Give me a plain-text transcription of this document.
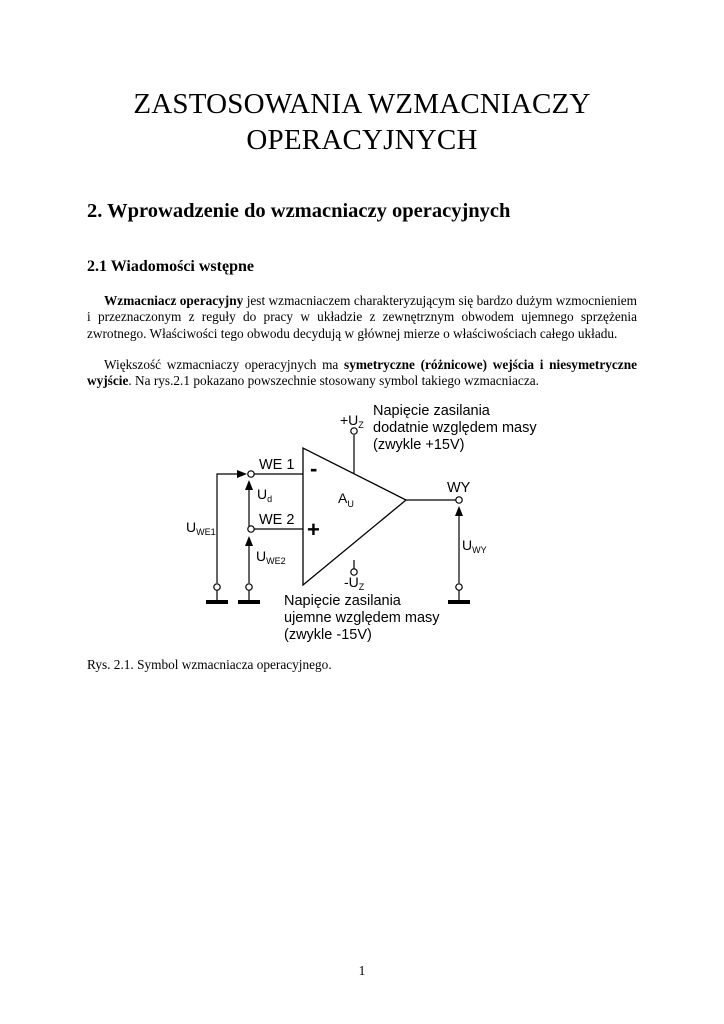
ZASTOSOWANIA WZMACNIACZY
OPERACYJNYCH
2. Wprowadzenie do wzmacniaczy operacyjnych
2.1 Wiadomości wstępne
Wzmacniacz operacyjny jest wzmacniaczem charakteryzującym się bardzo dużym wzmocnieniem i przeznaczonym z reguły do pracy w układzie z zewnętrznym obwodem ujemnego sprzężenia zwrotnego. Właściwości tego obwodu decydują w głównej mierze o właściwościach całego układu.
Większość wzmacniaczy operacyjnych ma symetryczne (różnicowe) wejścia i niesymetryczne wyjście. Na rys.2.1 pokazano powszechnie stosowany symbol takiego wzmacniacza.
$+U_Z$
Napięcie zasilania dodatnie względem masy (zwykle +15V)
WE 1
WE 2
-
+
$U_d$	$A_U$
WY
$U_{WE1}$
$U_{WE2}$
$U_{WY}$
$-U_Z$
Napięcie zasilania ujemne względem masy (zwykle -15V)
Rys. 2.1. Symbol wzmacniacza operacyjnego.
1
